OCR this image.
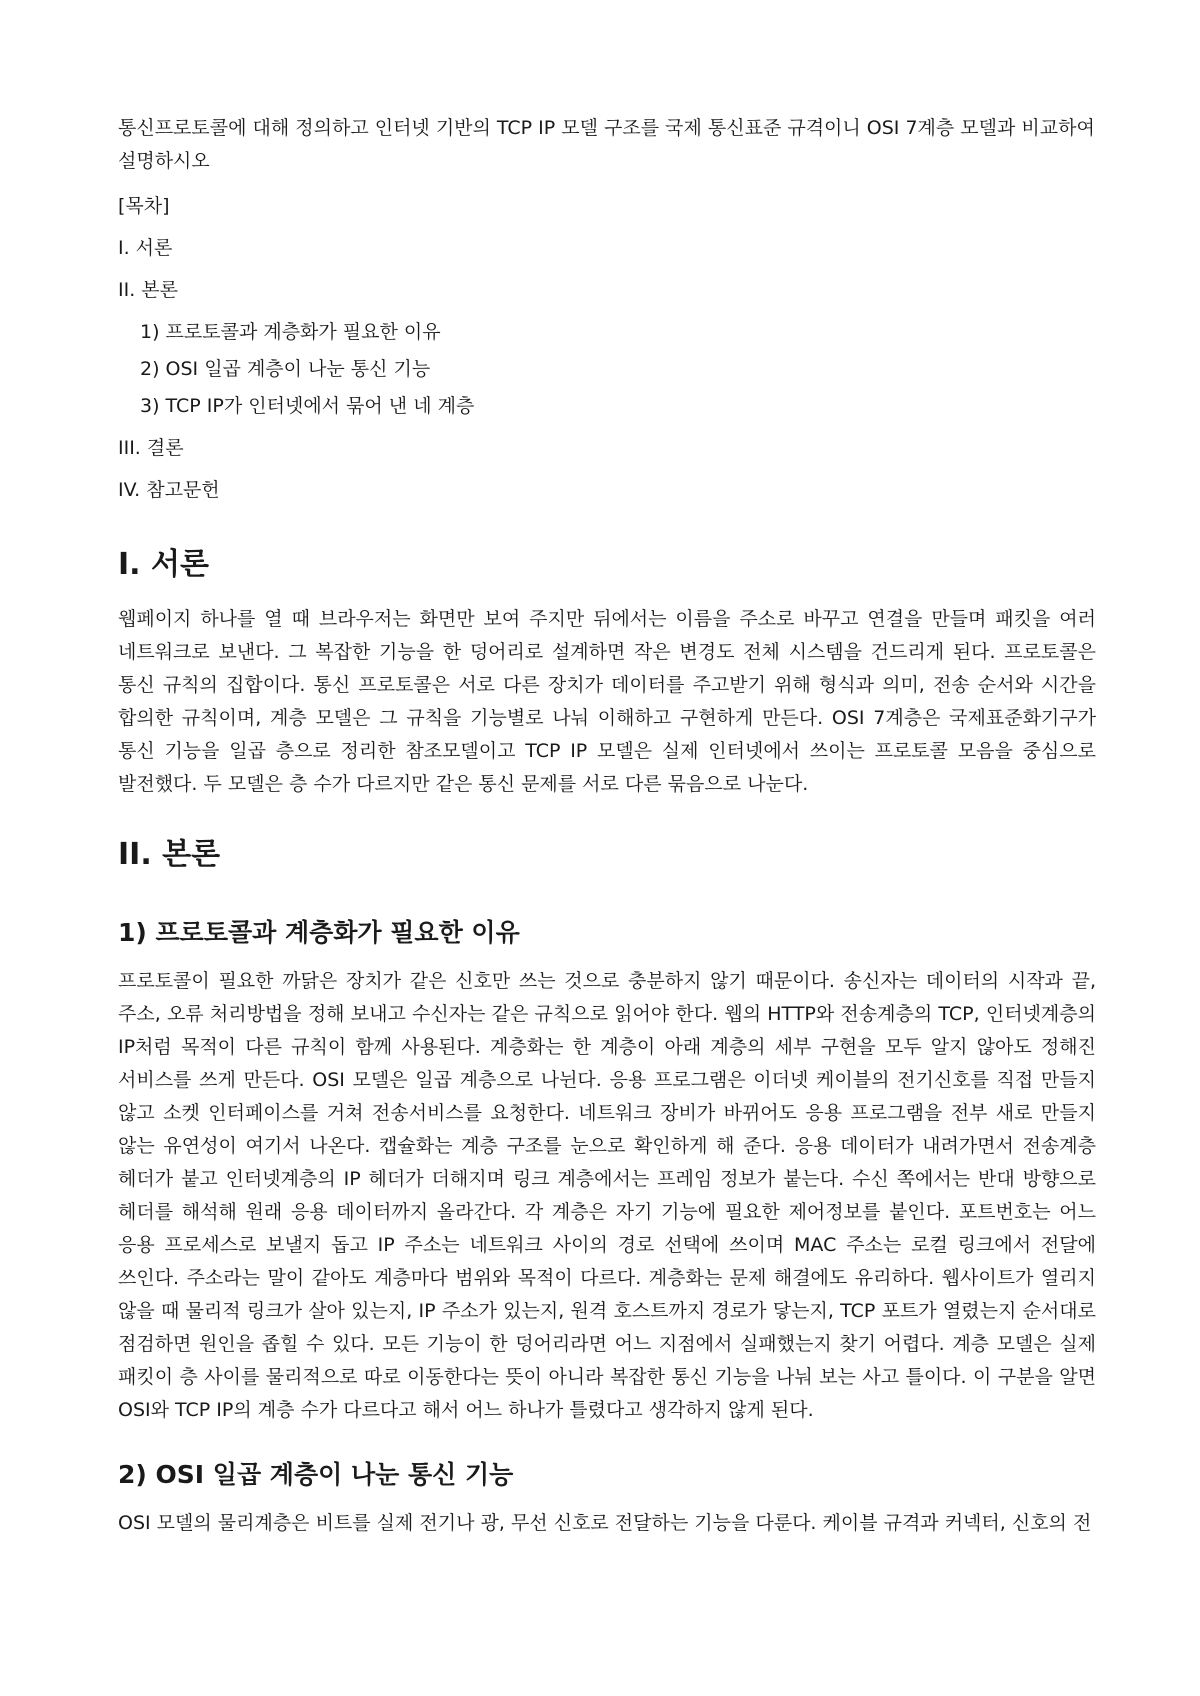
통신프로토콜에 대해 정의하고 인터넷 기반의 TCP IP 모델 구조를 국제 통신표준 규격이니 OSI 7계층 모델과 비교하여 설명하시오

[목차]

I. 서론

II. 본론

1) 프로토콜과 계층화가 필요한 이유

2) OSI 일곱 계층이 나눈 통신 기능

3) TCP IP가 인터넷에서 묶어 낸 네 계층

III. 결론

IV. 참고문헌

I. 서론

웹페이지 하나를 열 때 브라우저는 화면만 보여 주지만 뒤에서는 이름을 주소로 바꾸고 연결을 만들며 패킷을 여러 네트워크로 보낸다. 그 복잡한 기능을 한 덩어리로 설계하면 작은 변경도 전체 시스템을 건드리게 된다. 프로토콜은 통신 규칙의 집합이다. 통신 프로토콜은 서로 다른 장치가 데이터를 주고받기 위해 형식과 의미, 전송 순서와 시간을 합의한 규칙이며, 계층 모델은 그 규칙을 기능별로 나눠 이해하고 구현하게 만든다. OSI 7계층은 국제표준화기구가 통신 기능을 일곱 층으로 정리한 참조모델이고 TCP IP 모델은 실제 인터넷에서 쓰이는 프로토콜 모음을 중심으로 발전했다. 두 모델은 층 수가 다르지만 같은 통신 문제를 서로 다른 묶음으로 나눈다.

II. 본론
1) 프로토콜과 계층화가 필요한 이유

프로토콜이 필요한 까닭은 장치가 같은 신호만 쓰는 것으로 충분하지 않기 때문이다. 송신자는 데이터의 시작과 끝, 주소, 오류 처리방법을 정해 보내고 수신자는 같은 규칙으로 읽어야 한다. 웹의 HTTP와 전송계층의 TCP, 인터넷계층의 IP처럼 목적이 다른 규칙이 함께 사용된다. 계층화는 한 계층이 아래 계층의 세부 구현을 모두 알지 않아도 정해진 서비스를 쓰게 만든다. OSI 모델은 일곱 계층으로 나뉜다. 응용 프로그램은 이더넷 케이블의 전기신호를 직접 만들지 않고 소켓 인터페이스를 거쳐 전송서비스를 요청한다. 네트워크 장비가 바뀌어도 응용 프로그램을 전부 새로 만들지 않는 유연성이 여기서 나온다. 캡슐화는 계층 구조를 눈으로 확인하게 해 준다. 응용 데이터가 내려가면서 전송계층 헤더가 붙고 인터넷계층의 IP 헤더가 더해지며 링크 계층에서는 프레임 정보가 붙는다. 수신 쪽에서는 반대 방향으로 헤더를 해석해 원래 응용 데이터까지 올라간다. 각 계층은 자기 기능에 필요한 제어정보를 붙인다. 포트번호는 어느 응용 프로세스로 보낼지 돕고 IP 주소는 네트워크 사이의 경로 선택에 쓰이며 MAC 주소는 로컬 링크에서 전달에 쓰인다. 주소라는 말이 같아도 계층마다 범위와 목적이 다르다. 계층화는 문제 해결에도 유리하다. 웹사이트가 열리지 않을 때 물리적 링크가 살아 있는지, IP 주소가 있는지, 원격 호스트까지 경로가 닿는지, TCP 포트가 열렸는지 순서대로 점검하면 원인을 좁힐 수 있다. 모든 기능이 한 덩어리라면 어느 지점에서 실패했는지 찾기 어렵다. 계층 모델은 실제 패킷이 층 사이를 물리적으로 따로 이동한다는 뜻이 아니라 복잡한 통신 기능을 나눠 보는 사고 틀이다. 이 구분을 알면 OSI와 TCP IP의 계층 수가 다르다고 해서 어느 하나가 틀렸다고 생각하지 않게 된다.

2) OSI 일곱 계층이 나눈 통신 기능

OSI 모델의 물리계층은 비트를 실제 전기나 광, 무선 신호로 전달하는 기능을 다룬다. 케이블 규격과 커넥터, 신호의 전
